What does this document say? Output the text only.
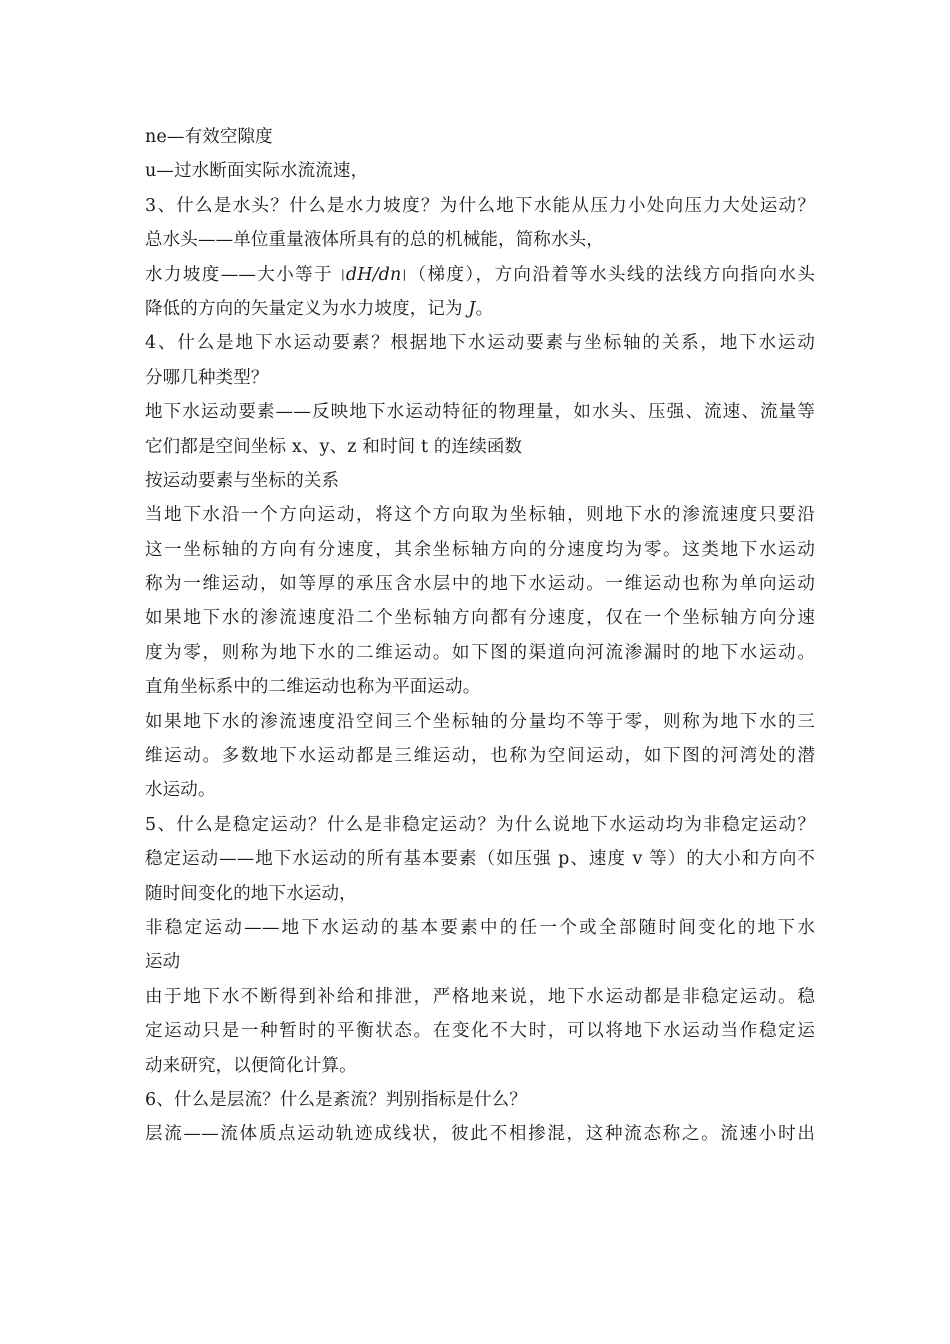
ne—有效空隙度
u—过水断面实际水流流速，
3、什么是水头？什么是水力坡度？为什么地下水能从压力小处向压力大处运动？
总水头——单位重量液体所具有的总的机械能，简称水头，
水力坡度——大小等于 |dH/dn|（梯度），方向沿着等水头线的法线方向指向水头
降低的方向的矢量定义为水力坡度，记为 J。
4、什么是地下水运动要素？根据地下水运动要素与坐标轴的关系，地下水运动
分哪几种类型？
地下水运动要素——反映地下水运动特征的物理量，如水头、压强、流速、流量等
它们都是空间坐标 x、y、z 和时间 t 的连续函数
按运动要素与坐标的关系
当地下水沿一个方向运动，将这个方向取为坐标轴，则地下水的渗流速度只要沿
这一坐标轴的方向有分速度，其余坐标轴方向的分速度均为零。这类地下水运动
称为一维运动，如等厚的承压含水层中的地下水运动。一维运动也称为单向运动
如果地下水的渗流速度沿二个坐标轴方向都有分速度，仅在一个坐标轴方向分速
度为零，则称为地下水的二维运动。如下图的渠道向河流渗漏时的地下水运动。
直角坐标系中的二维运动也称为平面运动。
如果地下水的渗流速度沿空间三个坐标轴的分量均不等于零，则称为地下水的三
维运动。多数地下水运动都是三维运动，也称为空间运动，如下图的河湾处的潜
水运动。
5、什么是稳定运动？什么是非稳定运动？为什么说地下水运动均为非稳定运动？
稳定运动——地下水运动的所有基本要素（如压强 p、速度 v 等）的大小和方向不
随时间变化的地下水运动，
非稳定运动——地下水运动的基本要素中的任一个或全部随时间变化的地下水
运动
由于地下水不断得到补给和排泄，严格地来说，地下水运动都是非稳定运动。稳
定运动只是一种暂时的平衡状态。在变化不大时，可以将地下水运动当作稳定运
动来研究，以便简化计算。
6、什么是层流？什么是紊流？判别指标是什么？
层流——流体质点运动轨迹成线状，彼此不相掺混，这种流态称之。流速小时出
